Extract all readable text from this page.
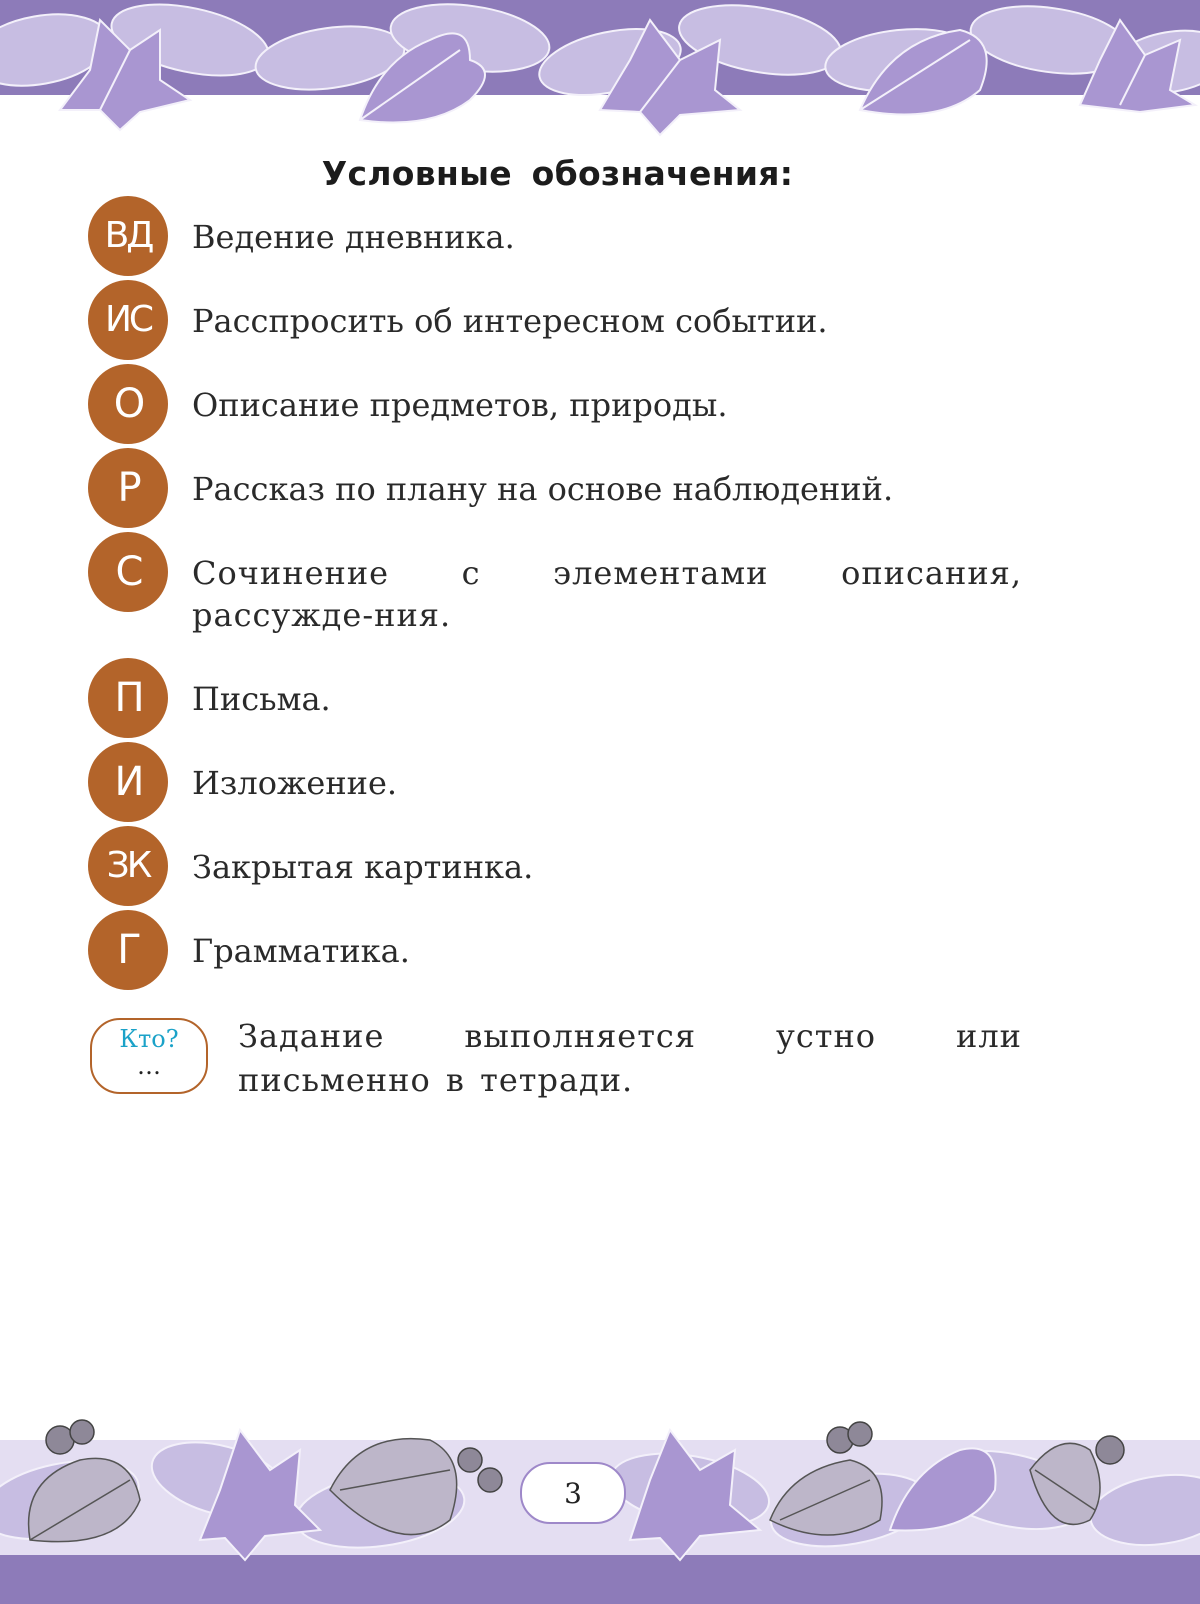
Условные обозначения:
ВД	Ведение дневника.
ИС	Расспросить об интересном событии.
О	Описание предметов, природы.
Р	Рассказ по плану на основе наблюдений.
С	Сочинение с элементами описания, рассужде-ния.
П	Письма.
И	Изложение.
ЗК	Закрытая картинка.
Г	Грамматика.
Кто?
…
Задание выполняется устно или письменно в тетради.
3
